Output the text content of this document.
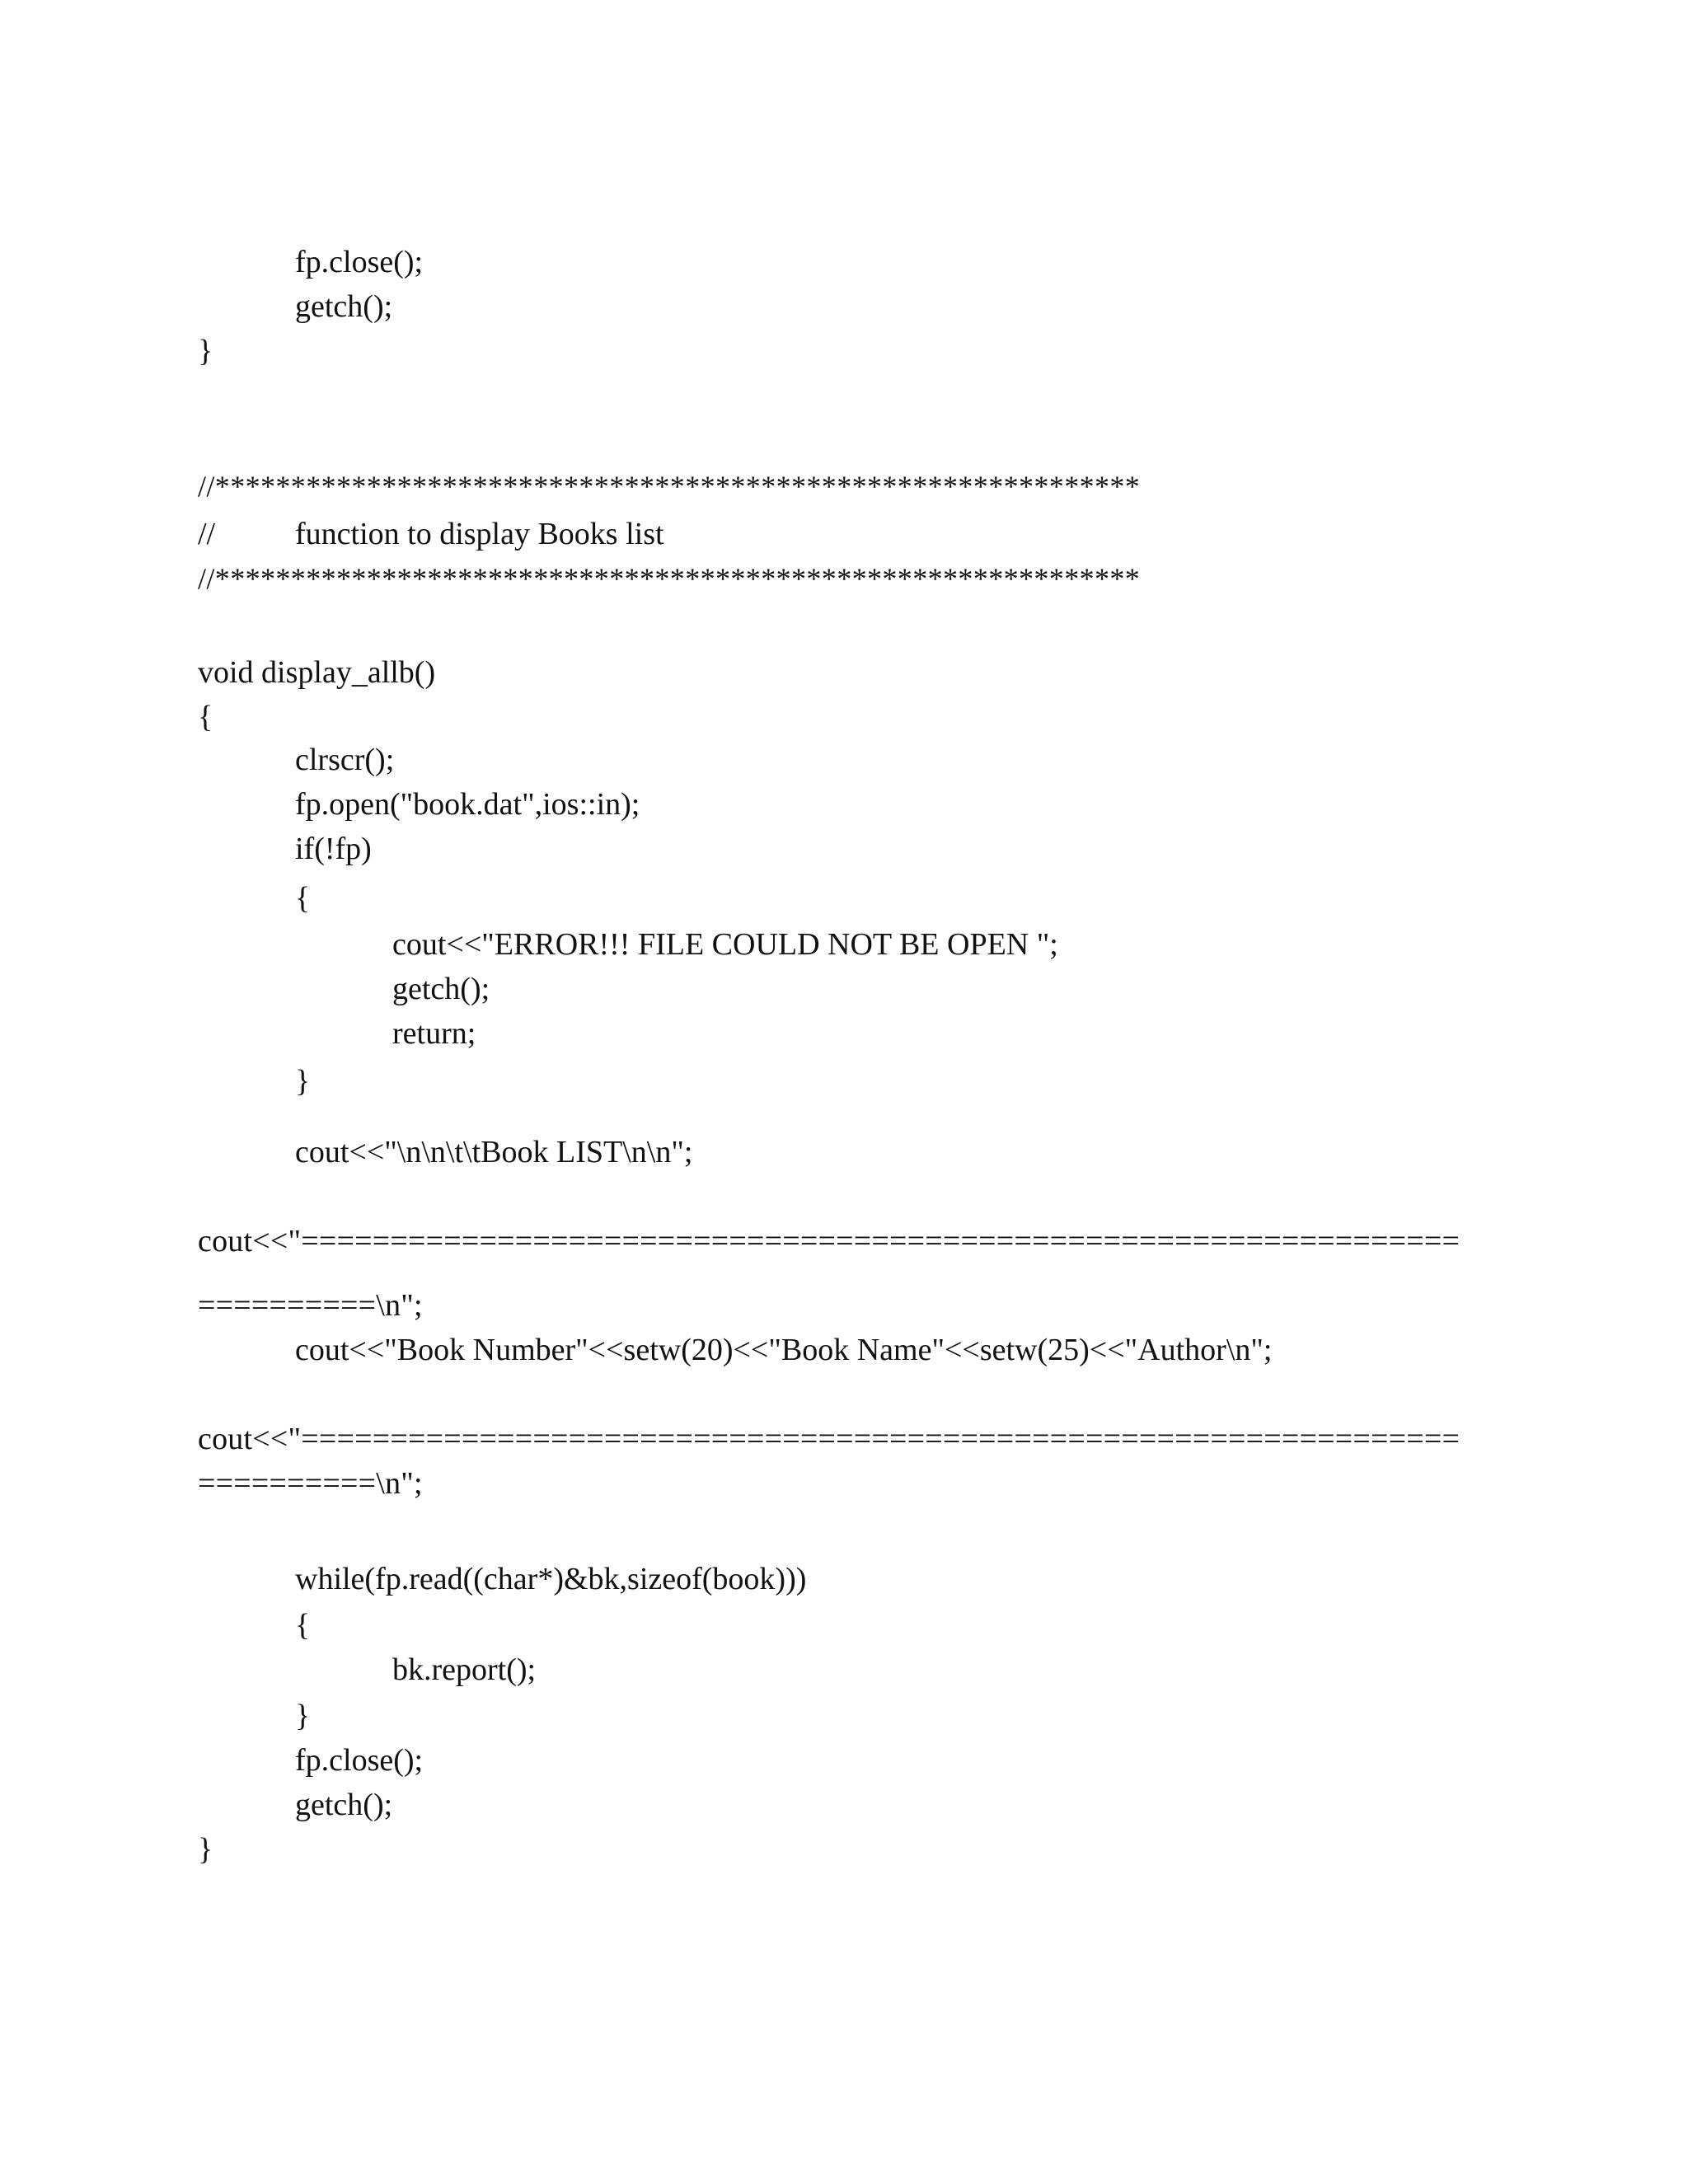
fp.close();
getch();
}
//*************************************************************
//	function to display Books list
//*************************************************************
void display_allb()
{
clrscr();
fp.open("book.dat",ios::in);
if(!fp)
{
cout<<"ERROR!!! FILE COULD NOT BE OPEN ";
getch();
return;
}
cout<<"\n\n\t\tBook LIST\n\n";
cout<<"=================================================================
==========\n";
cout<<"Book Number"<<setw(20)<<"Book Name"<<setw(25)<<"Author\n";
cout<<"=================================================================
==========\n";
while(fp.read((char*)&bk,sizeof(book)))
{
bk.report();
}
fp.close();
getch();
}
